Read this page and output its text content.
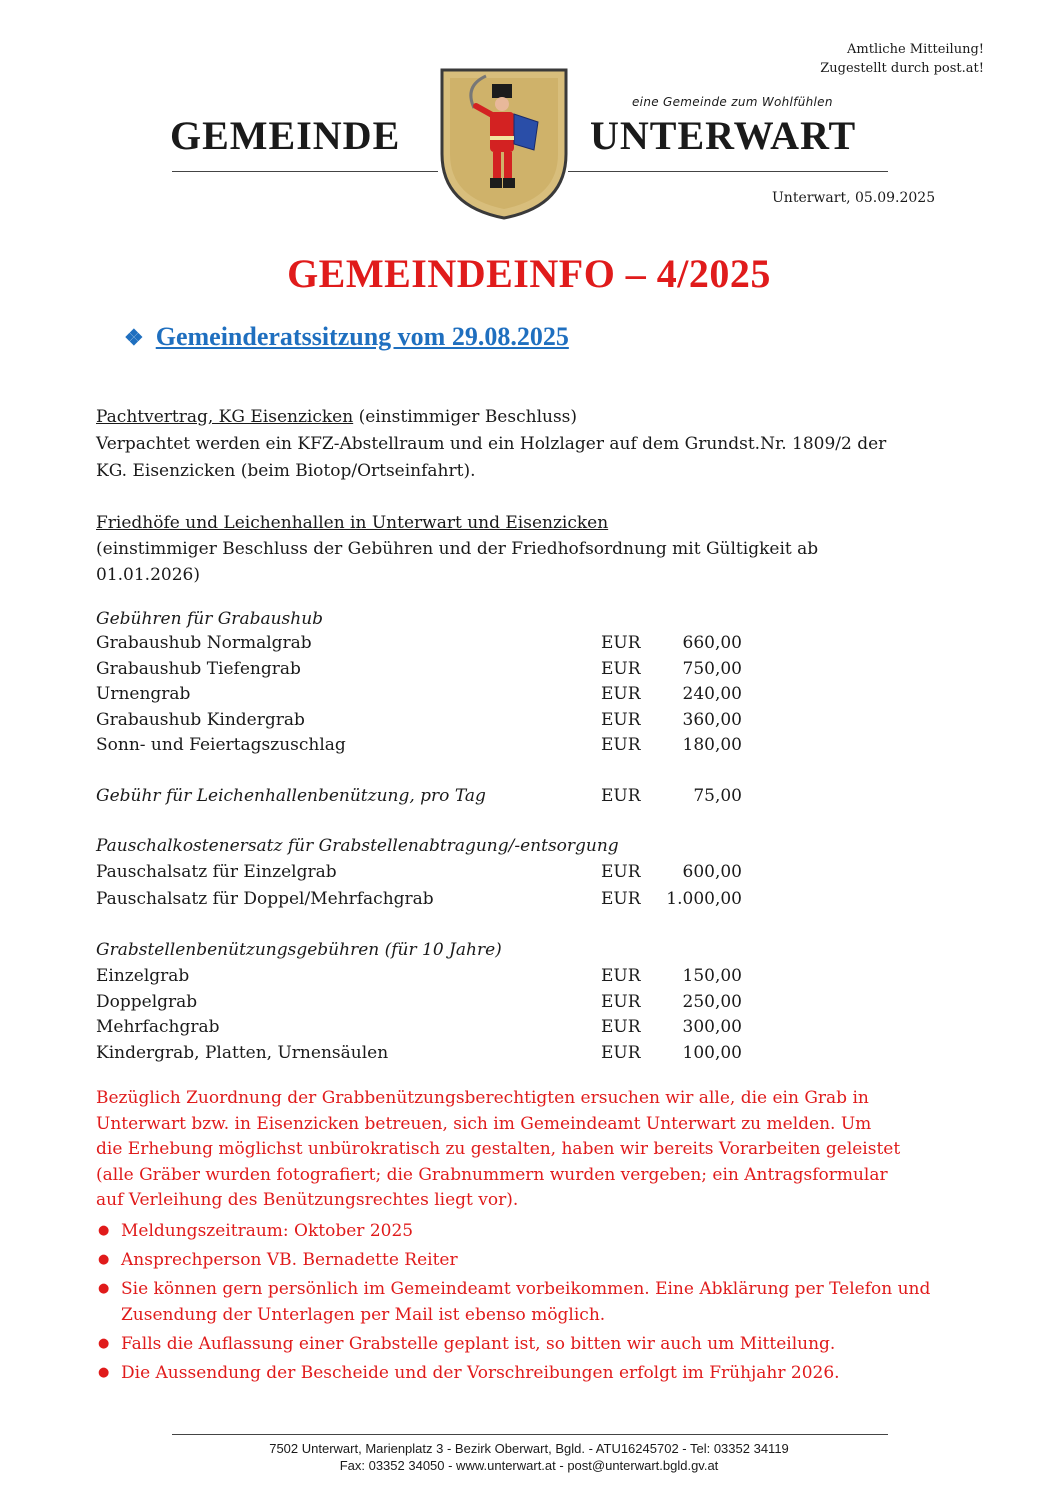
Amtliche Mitteilung!
Zugestellt durch post.at!
GEMEINDE	UNTERWART
eine Gemeinde zum Wohlfühlen
Unterwart, 05.09.2025
GEMEINDEINFO – 4/2025
❖ Gemeinderatssitzung vom 29.08.2025
Pachtvertrag, KG Eisenzicken (einstimmiger Beschluss)
Verpachtet werden ein KFZ-Abstellraum und ein Holzlager auf dem Grundst.Nr. 1809/2 der
KG. Eisenzicken (beim Biotop/Ortseinfahrt).
Friedhöfe und Leichenhallen in Unterwart und Eisenzicken
(einstimmiger Beschluss der Gebühren und der Friedhofsordnung mit Gültigkeit ab
01.01.2026)
Gebühren für Grabaushub
Grabaushub Normalgrab	EUR 660,00
Grabaushub Tiefengrab	EUR 750,00
Urnengrab	EUR 240,00
Grabaushub Kindergrab	EUR 360,00
Sonn- und Feiertagszuschlag	EUR 180,00
Gebühr für Leichenhallenbenützung, pro Tag	EUR	75,00
Pauschalkostenersatz für Grabstellenabtragung/-entsorgung
Pauschalsatz für Einzelgrab	EUR 600,00
Pauschalsatz für Doppel/Mehrfachgrab	EUR 1.000,00
Grabstellenbenützungsgebühren (für 10 Jahre)
Einzelgrab	EUR 150,00
Doppelgrab	EUR 250,00
Mehrfachgrab	EUR 300,00
Kindergrab, Platten, Urnensäulen	EUR 100,00
Bezüglich Zuordnung der Grabbenützungsberechtigten ersuchen wir alle, die ein Grab in
Unterwart bzw. in Eisenzicken betreuen, sich im Gemeindeamt Unterwart zu melden. Um
die Erhebung möglichst unbürokratisch zu gestalten, haben wir bereits Vorarbeiten geleistet
(alle Gräber wurden fotografiert; die Grabnummern wurden vergeben; ein Antragsformular
auf Verleihung des Benützungsrechtes liegt vor).
● Meldungszeitraum: Oktober 2025
● Ansprechperson VB. Bernadette Reiter
● Sie können gern persönlich im Gemeindeamt vorbeikommen. Eine Abklärung per Telefon und Zusendung der Unterlagen per Mail ist ebenso möglich.
● Falls die Auflassung einer Grabstelle geplant ist, so bitten wir auch um Mitteilung.
● Die Aussendung der Bescheide und der Vorschreibungen erfolgt im Frühjahr 2026.
7502 Unterwart, Marienplatz 3 - Bezirk Oberwart, Bgld. - ATU16245702 - Tel: 03352 34119
Fax: 03352 34050 - www.unterwart.at - post@unterwart.bgld.gv.at
